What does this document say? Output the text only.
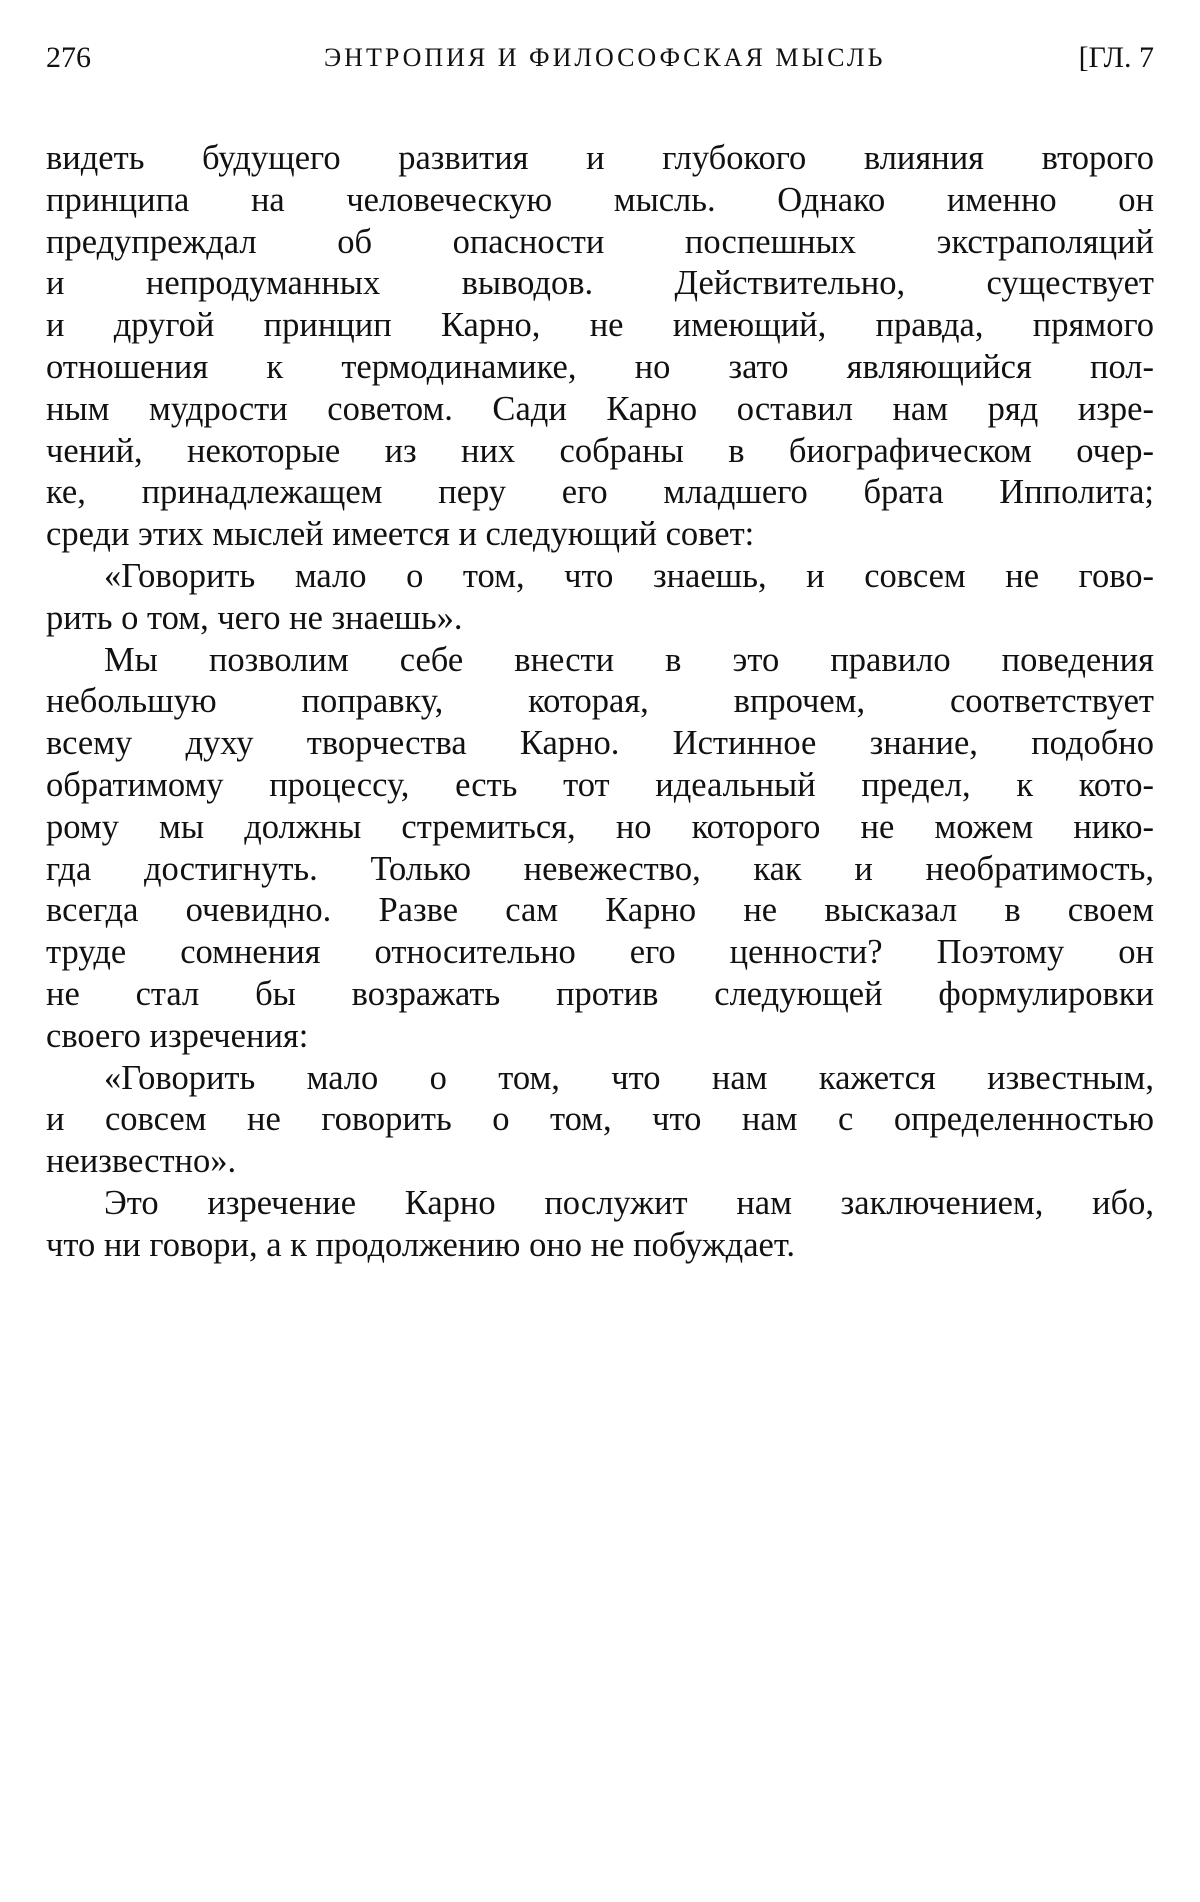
276	ЭНТРОПИЯ И ФИЛОСОФСКАЯ МЫСЛЬ	[ГЛ. 7
видеть будущего развития и глубокого влияния второго
принципа на человеческую мысль. Однако именно он
предупреждал об опасности поспешных экстраполяций
и непродуманных выводов. Действительно, существует
и другой принцип Карно, не имеющий, правда, прямого
отношения к термодинамике, но зато являющийся пол-
ным мудрости советом. Сади Карно оставил нам ряд изре-
чений, некоторые из них собраны в биографическом очер-
ке, принадлежащем перу его младшего брата Ипполита;
среди этих мыслей имеется и следующий совет:
«Говорить мало о том, что знаешь, и совсем не гово-
рить о том, чего не знаешь».
Мы позволим себе внести в это правило поведения
небольшую поправку, которая, впрочем, соответствует
всему духу творчества Карно. Истинное знание, подобно
обратимому процессу, есть тот идеальный предел, к кото-
рому мы должны стремиться, но которого не можем нико-
гда достигнуть. Только невежество, как и необратимость,
всегда очевидно. Разве сам Карно не высказал в своем
труде сомнения относительно его ценности? Поэтому он
не стал бы возражать против следующей формулировки
своего изречения:
«Говорить мало о том, что нам кажется известным,
и совсем не говорить о том, что нам с определенностью
неизвестно».
Это изречение Карно послужит нам заключением, ибо,
что ни говори, а к продолжению оно не побуждает.
